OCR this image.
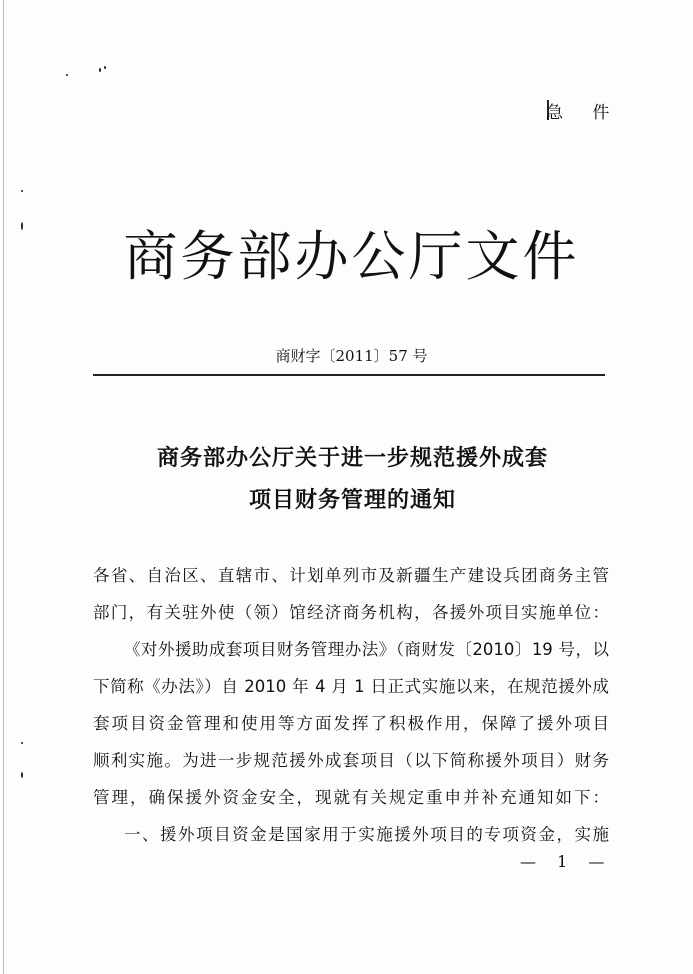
急 件
商务部办公厅文件
商财字〔2011〕57 号
商务部办公厅关于进一步规范援外成套
项目财务管理的通知
各省、自治区、直辖市、计划单列市及新疆生产建设兵团商务主管
部门，有关驻外使（领）馆经济商务机构，各援外项目实施单位：
《对外援助成套项目财务管理办法》（商财发〔2010〕19 号，以
下简称《办法》）自 2010 年 4 月 1 日正式实施以来，在规范援外成
套项目资金管理和使用等方面发挥了积极作用，保障了援外项目
顺利实施。为进一步规范援外成套项目（以下简称援外项目）财务
管理，确保援外资金安全，现就有关规定重申并补充通知如下：
一、援外项目资金是国家用于实施援外项目的专项资金，实施
— 1 —
